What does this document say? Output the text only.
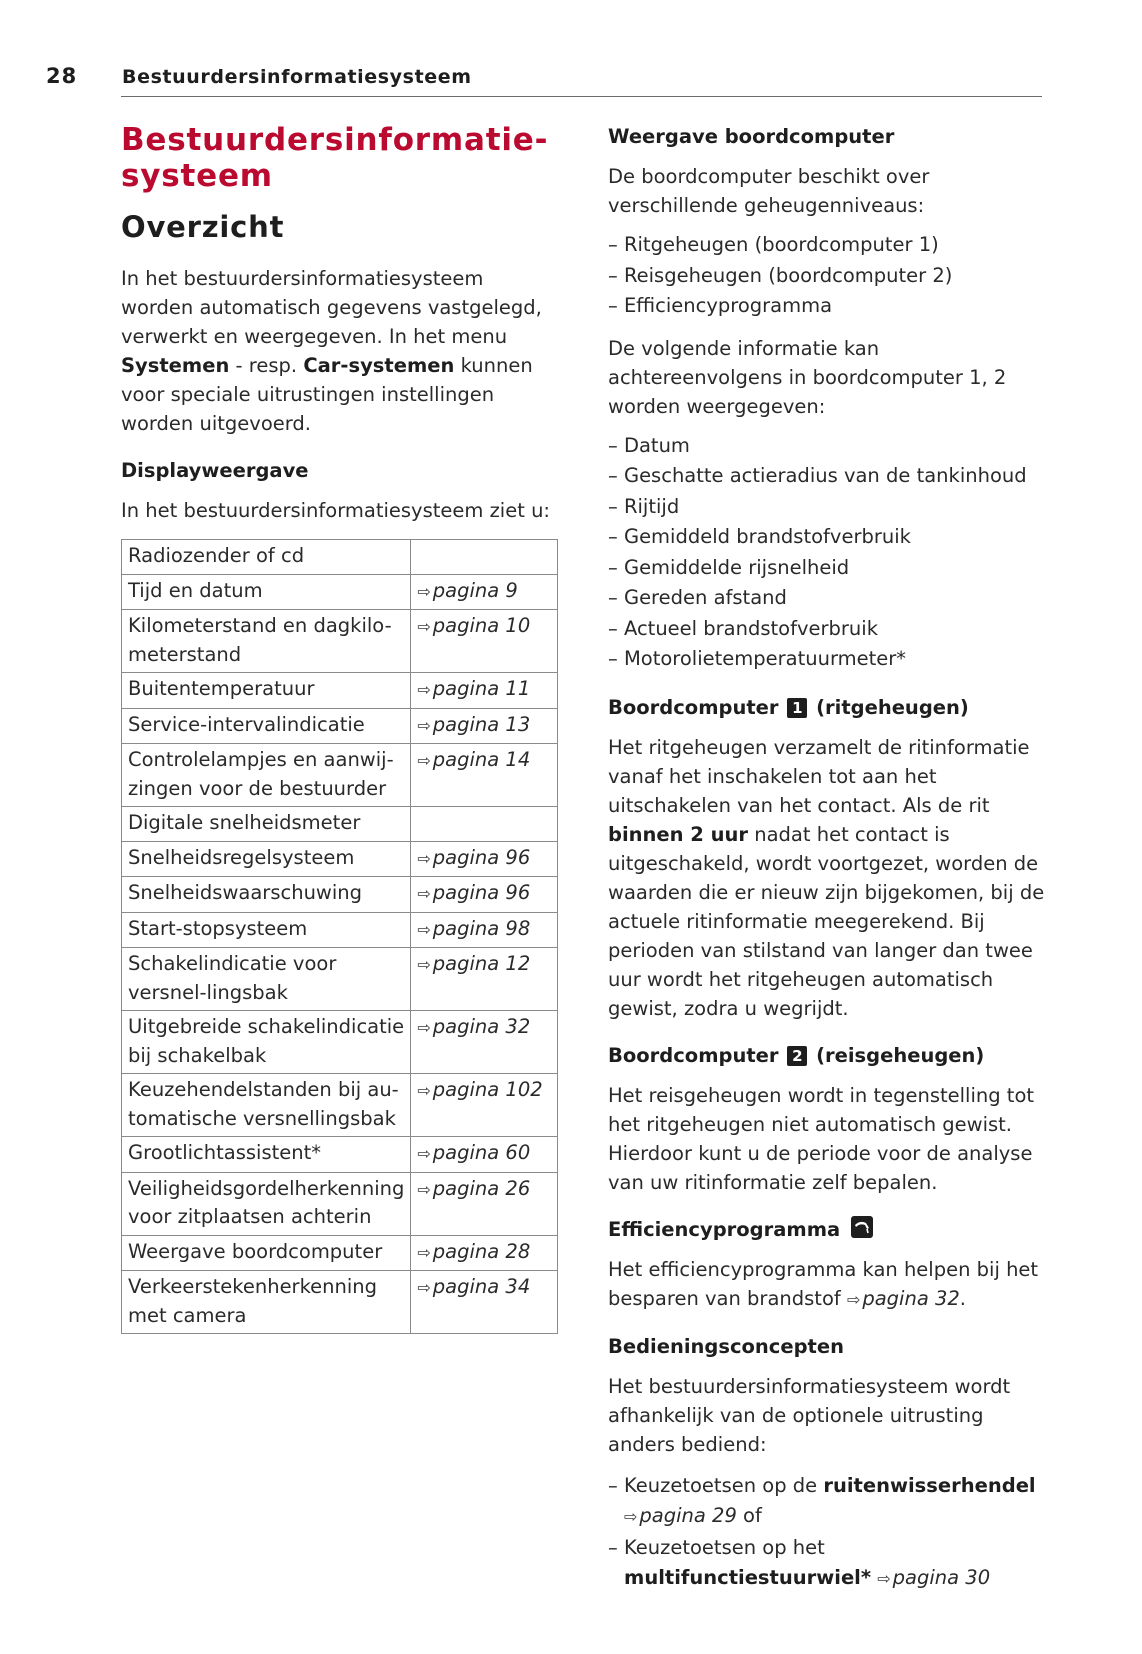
28 Bestuurdersinformatiesysteem
Bestuurdersinformatie-
systeem
Overzicht

In het bestuurdersinformatiesysteem worden automatisch gegevens vastgelegd, verwerkt en weergegeven. In het menu Systemen - resp. Car-systemen kunnen voor speciale uitrustingen instellingen worden uitgevoerd.

Displayweergave

In het bestuurdersinformatiesysteem ziet u:

Radiozender of cd	
Tijd en datum	⇨ pagina 9
Kilometerstand en dagkilo-meterstand	⇨ pagina 10
Buitentemperatuur	⇨ pagina 11
Service-intervalindicatie	⇨ pagina 13
Controlelampjes en aanwij-zingen voor de bestuurder	⇨ pagina 14
Digitale snelheidsmeter	
Snelheidsregelsysteem	⇨ pagina 96
Snelheidswaarschuwing	⇨ pagina 96
Start-stopsysteem	⇨ pagina 98
Schakelindicatie voor versnel-lingsbak	⇨ pagina 12
Uitgebreide schakelindicatie bij schakelbak	⇨ pagina 32
Keuzehendelstanden bij au-tomatische versnellingsbak	⇨ pagina 102
Grootlichtassistent*	⇨ pagina 60
Veiligheidsgordelherkenning voor zitplaatsen achterin	⇨ pagina 26
Weergave boordcomputer	⇨ pagina 28
Verkeerstekenherkenning met camera	⇨ pagina 34
Weergave boordcomputer

De boordcomputer beschikt over verschillende geheugenniveaus:

– Ritgeheugen (boordcomputer 1)
– Reisgeheugen (boordcomputer 2)
– Efficiencyprogramma

De volgende informatie kan achtereenvolgens in boordcomputer 1, 2 worden weergegeven:

– Datum
– Geschatte actieradius van de tankinhoud
– Rijtijd
– Gemiddeld brandstofverbruik
– Gemiddelde rijsnelheid
– Gereden afstand
– Actueel brandstofverbruik
– Motorolietemperatuurmeter*
Boordcomputer 1 (ritgeheugen)

Het ritgeheugen verzamelt de ritinformatie vanaf het inschakelen tot aan het uitschakelen van het contact. Als de rit binnen 2 uur nadat het contact is uitgeschakeld, wordt voortgezet, worden de waarden die er nieuw zijn bijgekomen, bij de actuele ritinformatie meegerekend. Bij perioden van stilstand van langer dan twee uur wordt het ritgeheugen automatisch gewist, zodra u wegrijdt.

Boordcomputer 2 (reisgeheugen)

Het reisgeheugen wordt in tegenstelling tot het ritgeheugen niet automatisch gewist. Hierdoor kunt u de periode voor de analyse van uw ritinformatie zelf bepalen.

Efficiencyprogramma

Het efficiencyprogramma kan helpen bij het besparen van brandstof ⇨ pagina 32.

Bedieningsconcepten

Het bestuurdersinformatiesysteem wordt afhankelijk van de optionele uitrusting anders bediend:

– Keuzetoetsen op de ruitenwisserhendel
⇨ pagina 29 of
– Keuzetoetsen op het multifunctiestuurwiel* ⇨ pagina 30
